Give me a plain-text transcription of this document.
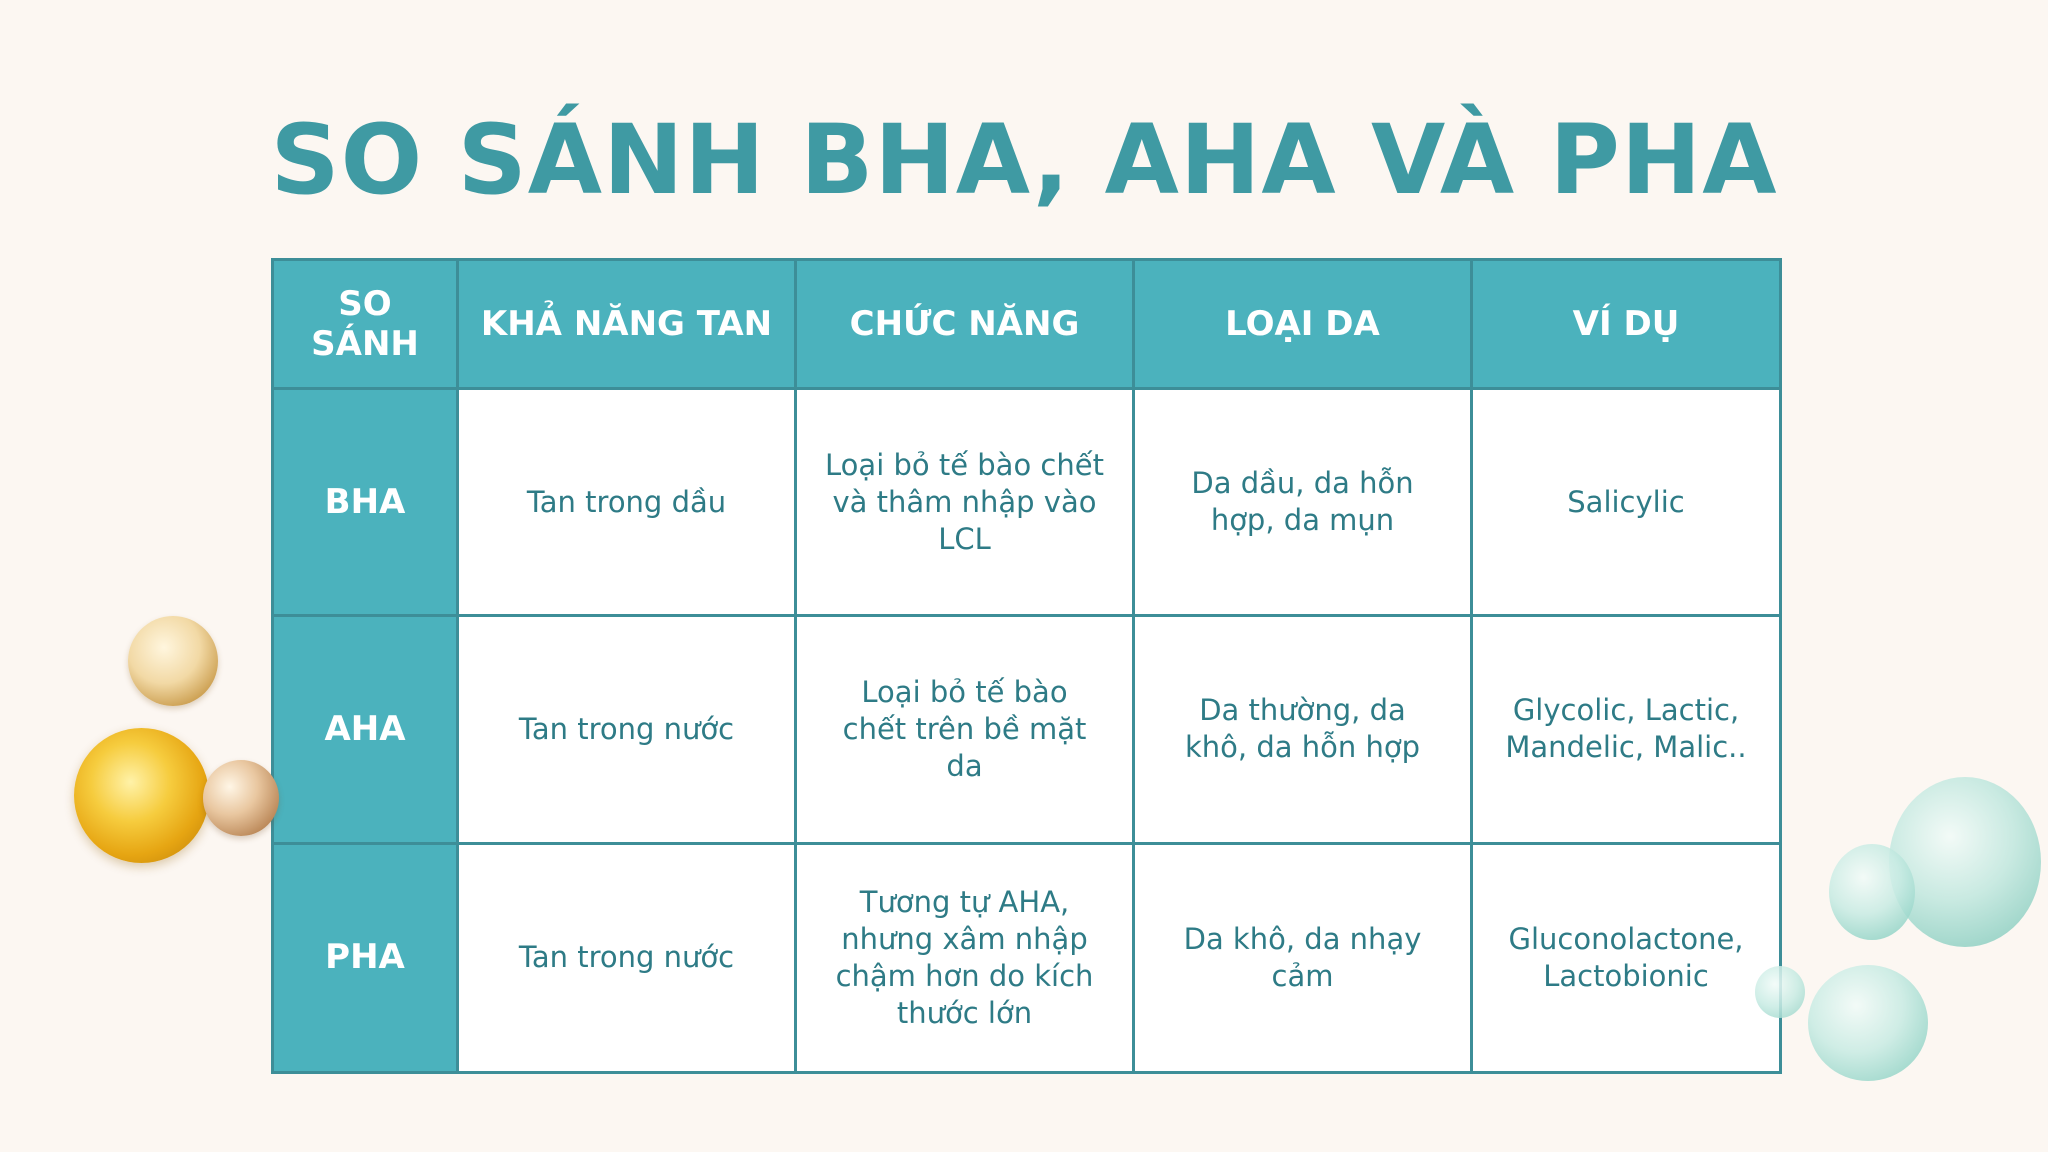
SO SÁNH BHA, AHA VÀ PHA
SO SÁNH	KHẢ NĂNG TAN	CHỨC NĂNG	LOẠI DA	VÍ DỤ
BHA	Tan trong dầu	Loại bỏ tế bào chết và thâm nhập vào LCL	Da dầu, da hỗn hợp, da mụn	Salicylic
AHA	Tan trong nước	Loại bỏ tế bào chết trên bề mặt da	Da thường, da khô, da hỗn hợp	Glycolic, Lactic, Mandelic, Malic..
PHA	Tan trong nước	Tương tự AHA, nhưng xâm nhập chậm hơn do kích thước lớn	Da khô, da nhạy cảm	Gluconolactone, Lactobionic
